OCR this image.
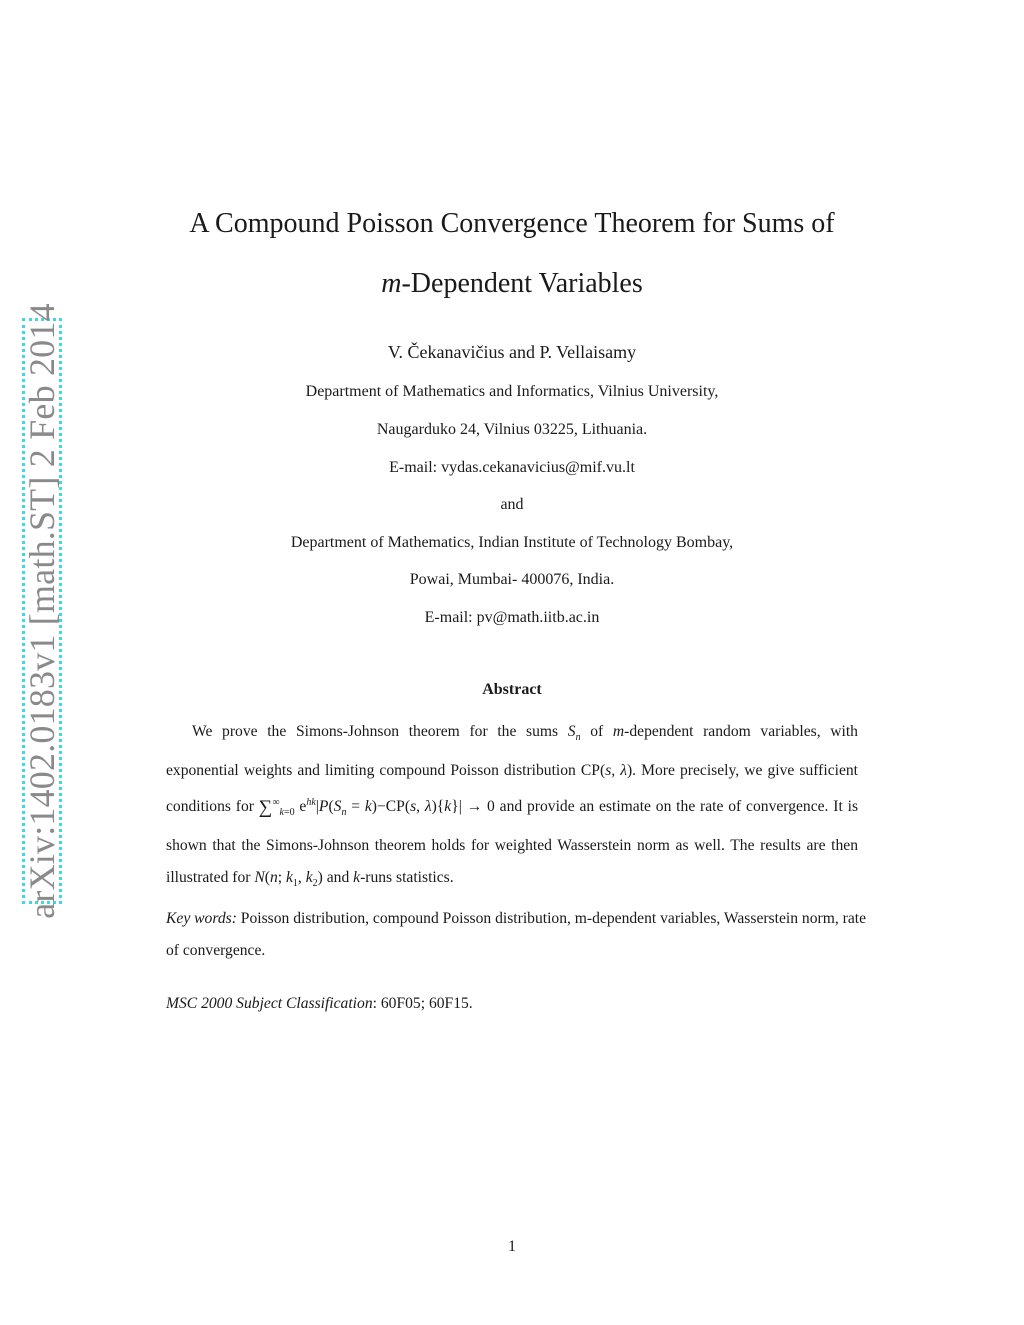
arXiv:1402.0183v1 [math.ST] 2 Feb 2014
A Compound Poisson Convergence Theorem for Sums of
m-Dependent Variables
V. Čekanavičius and P. Vellaisamy
Department of Mathematics and Informatics, Vilnius University,
Naugarduko 24, Vilnius 03225, Lithuania.
E-mail: vydas.cekanavicius@mif.vu.lt
and
Department of Mathematics, Indian Institute of Technology Bombay,
Powai, Mumbai- 400076, India.
E-mail: pv@math.iitb.ac.in
Abstract
We prove the Simons-Johnson theorem for the sums $S_n$ of m-dependent random variables, with exponential weights and limiting compound Poisson distribution CP(s, λ). More precisely, we give sufficient conditions for $\sum^\infty_{k=0}$ $e^{hk}|P(S_n = k)-CP(s$, λ){k}| → 0 and provide an estimate on the rate of convergence. It is shown that the Simons-Johnson theorem holds for weighted Wasserstein norm as well. The results are then illustrated for N(n; $k_1$, $k_2$) and k-runs statistics.
Key words: Poisson distribution, compound Poisson distribution, m-dependent variables, Wasserstein norm, rate of convergence.
MSC 2000 Subject Classification: 60F05; 60F15.
1
